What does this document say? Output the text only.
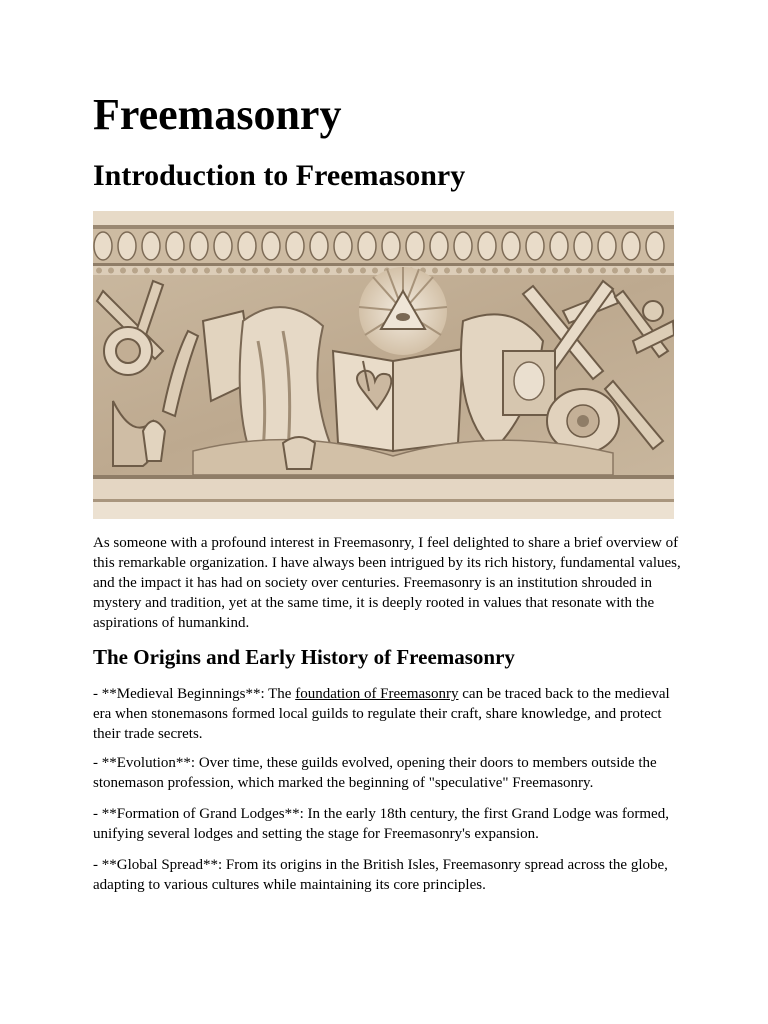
Freemasonry
Introduction to Freemasonry

As someone with a profound interest in Freemasonry, I feel delighted to share a brief overview of this remarkable organization. I have always been intrigued by its rich history, fundamental values, and the impact it has had on society over centuries. Freemasonry is an institution shrouded in mystery and tradition, yet at the same time, it is deeply rooted in values that resonate with the aspirations of humankind.

The Origins and Early History of Freemasonry

- **Medieval Beginnings**: The foundation of Freemasonry can be traced back to the medieval era when stonemasons formed local guilds to regulate their craft, share knowledge, and protect their trade secrets.

- **Evolution**: Over time, these guilds evolved, opening their doors to members outside the stonemason profession, which marked the beginning of "speculative" Freemasonry.

- **Formation of Grand Lodges**: In the early 18th century, the first Grand Lodge was formed, unifying several lodges and setting the stage for Freemasonry's expansion.

- **Global Spread**: From its origins in the British Isles, Freemasonry spread across the globe, adapting to various cultures while maintaining its core principles.
